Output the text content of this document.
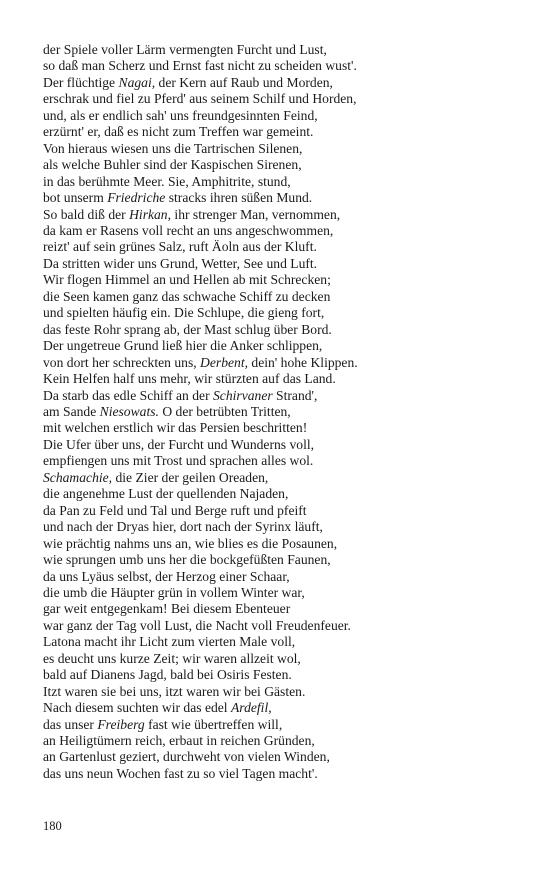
der Spiele voller Lärm vermengten Furcht und Lust,
so daß man Scherz und Ernst fast nicht zu scheiden wust'.
Der flüchtige Nagai, der Kern auf Raub und Morden,
erschrak und fiel zu Pferd' aus seinem Schilf und Horden,
und, als er endlich sah' uns freundgesinnten Feind,
erzürnt' er, daß es nicht zum Treffen war gemeint.
Von hieraus wiesen uns die Tartrischen Silenen,
als welche Buhler sind der Kaspischen Sirenen,
in das berühmte Meer. Sie, Amphitrite, stund,
bot unserm Friedriche stracks ihren süßen Mund.
So bald diß der Hirkan, ihr strenger Man, vernommen,
da kam er Rasens voll recht an uns angeschwommen,
reizt' auf sein grünes Salz, ruft Äoln aus der Kluft.
Da stritten wider uns Grund, Wetter, See und Luft.
Wir flogen Himmel an und Hellen ab mit Schrecken;
die Seen kamen ganz das schwache Schiff zu decken
und spielten häufig ein. Die Schlupe, die gieng fort,
das feste Rohr sprang ab, der Mast schlug über Bord.
Der ungetreue Grund ließ hier die Anker schlippen,
von dort her schreckten uns, Derbent, dein' hohe Klippen.
Kein Helfen half uns mehr, wir stürzten auf das Land.
Da starb das edle Schiff an der Schirvaner Strand',
am Sande Niesowats. O der betrübten Tritten,
mit welchen erstlich wir das Persien beschritten!
Die Ufer über uns, der Furcht und Wunderns voll,
empfiengen uns mit Trost und sprachen alles wol.
Schamachie, die Zier der geilen Oreaden,
die angenehme Lust der quellenden Najaden,
da Pan zu Feld und Tal und Berge ruft und pfeift
und nach der Dryas hier, dort nach der Syrinx läuft,
wie prächtig nahms uns an, wie blies es die Posaunen,
wie sprungen umb uns her die bockgefüßten Faunen,
da uns Lyäus selbst, der Herzog einer Schaar,
die umb die Häupter grün in vollem Winter war,
gar weit entgegenkam! Bei diesem Ebenteuer
war ganz der Tag voll Lust, die Nacht voll Freudenfeuer.
Latona macht ihr Licht zum vierten Male voll,
es deucht uns kurze Zeit; wir waren allzeit wol,
bald auf Dianens Jagd, bald bei Osiris Festen.
Itzt waren sie bei uns, itzt waren wir bei Gästen.
Nach diesem suchten wir das edel Ardefil,
das unser Freiberg fast wie übertreffen will,
an Heiligtümern reich, erbaut in reichen Gründen,
an Gartenlust geziert, durchweht von vielen Winden,
das uns neun Wochen fast zu so viel Tagen macht'.
180
